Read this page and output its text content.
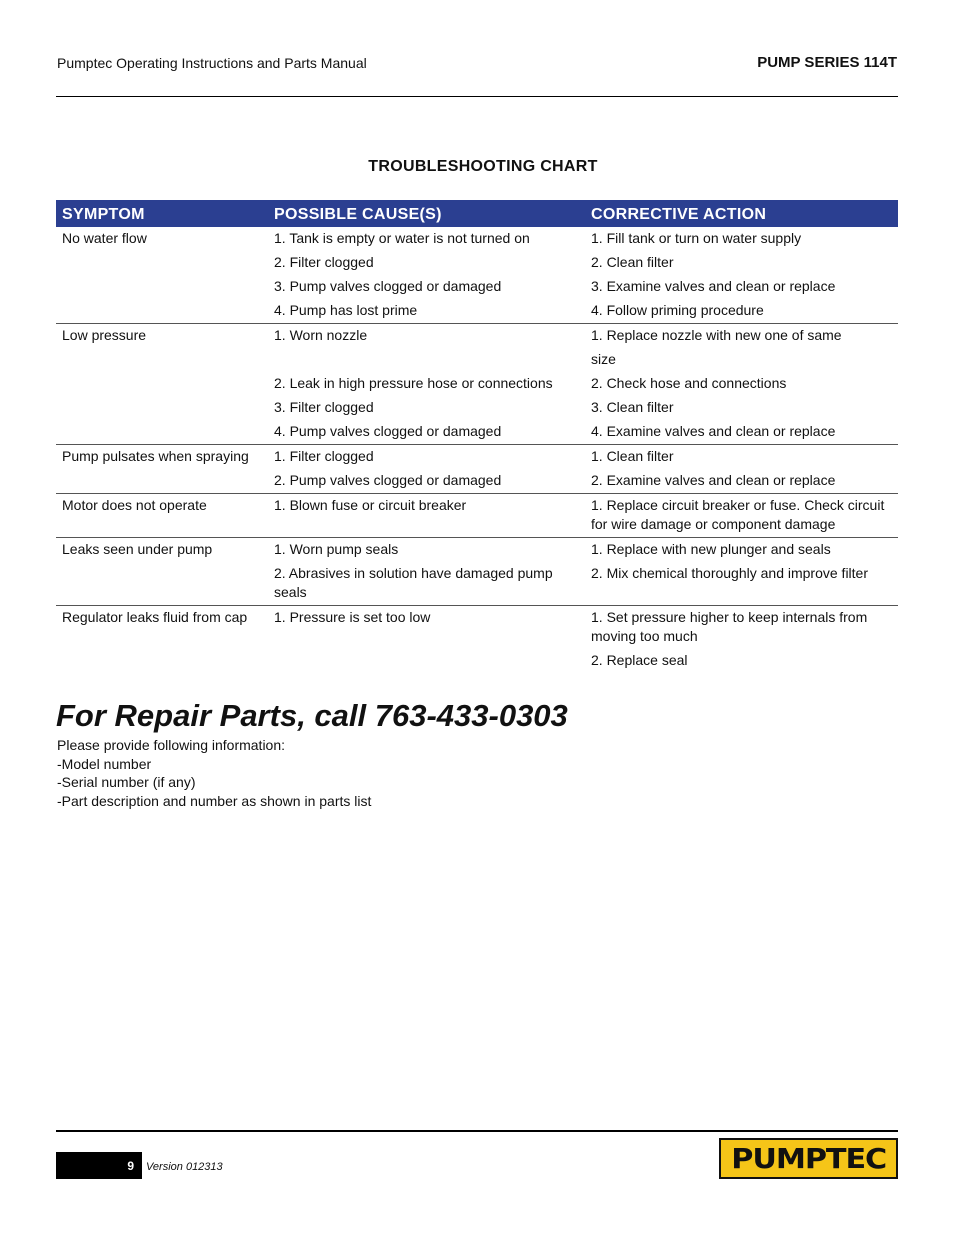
Pumptec Operating Instructions and Parts Manual	PUMP SERIES 114T
TROUBLESHOOTING CHART
SYMPTOM	POSSIBLE CAUSE(S)	CORRECTIVE ACTION

No water flow	1. Tank is empty or water is not turned on	1. Fill tank or turn on water supply

	2. Filter clogged	2. Clean filter

	3. Pump valves clogged or damaged	3. Examine valves and clean or replace

	4. Pump has lost prime	4. Follow priming procedure

Low pressure	1. Worn nozzle	1. Replace nozzle with new one of same

		size

	2. Leak in high pressure hose or connections	2. Check hose and connections

	3. Filter clogged	3. Clean filter

	4. Pump valves clogged or damaged	4. Examine valves and clean or replace

Pump pulsates when spraying	1. Filter clogged	1. Clean filter

	2. Pump valves clogged or damaged	2. Examine valves and clean or replace

Motor does not operate	1. Blown fuse or circuit breaker	1. Replace circuit breaker or fuse. Check circuit for wire damage or component damage

Leaks seen under pump	1. Worn pump seals	1. Replace with new plunger and seals

	2. Abrasives in solution have damaged pump seals	2. Mix chemical thoroughly and improve filter

Regulator leaks fluid from cap	1. Pressure is set too low	1. Set pressure higher to keep internals from moving too much

		2. Replace seal
For Repair Parts, call 763-433-0303
Please provide following information:
-Model number
-Serial number (if any)
-Part description and number as shown in parts list
9 Version 012313	PUMPTEC
